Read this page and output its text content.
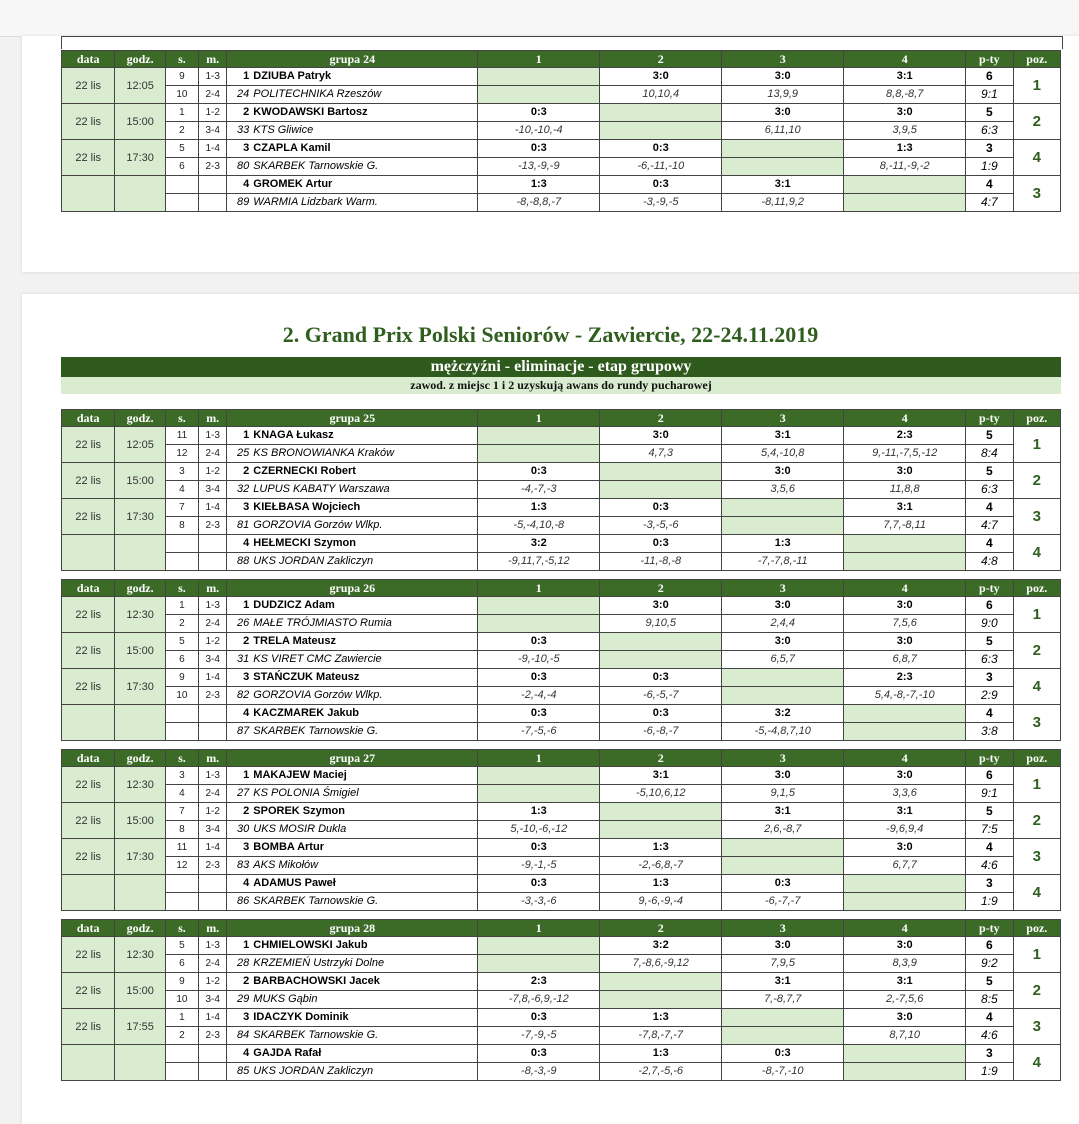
data	godz.	s.	m.	grupa 24	1	2	3	4	p-ty	poz.
22 lis	12:05	9	1-3	1 DZIUBA Patryk		3:0	3:0	3:1	6	1
		10	2-4	24 POLITECHNIKA Rzeszów		10,10,4	13,9,9	8,8,-8,7	9:1	
22 lis	15:00	1	1-2	2 KWODAWSKI Bartosz	0:3		3:0	3:0	5	2
		2	3-4	33 KTS Gliwice	-10,-10,-4		6,11,10	3,9,5	6:3	
22 lis	17:30	5	1-4	3 CZAPLA Kamil	0:3	0:3		1:3	3	4
		6	2-3	80 SKARBEK Tarnowskie G.	-13,-9,-9	-6,-11,-10		8,-11,-9,-2	1:9	
				4 GROMEK Artur	1:3	0:3	3:1		4	3
				89 WARMIA Lidzbark Warm.	-8,-8,8,-7	-3,-9,-5	-8,11,9,2		4:7	
2. Grand Prix Polski Seniorów - Zawiercie, 22-24.11.2019
mężczyźni - eliminacje - etap grupowy
zawod. z miejsc 1 i 2 uzyskują awans do rundy pucharowej
data	godz.	s.	m.	grupa 25	1	2	3	4	p-ty	poz.
22 lis	12:05	11	1-3	1 KNAGA Łukasz		3:0	3:1	2:3	5	1
		12	2-4	25 KS BRONOWIANKA Kraków		4,7,3	5,4,-10,8	9,-11,-7,5,-12	8:4	
22 lis	15:00	3	1-2	2 CZERNECKI Robert	0:3		3:0	3:0	5	2
		4	3-4	32 LUPUS KABATY Warszawa	-4,-7,-3		3,5,6	11,8,8	6:3	
22 lis	17:30	7	1-4	3 KIEŁBASA Wojciech	1:3	0:3		3:1	4	3
		8	2-3	81 GORZOVIA Gorzów Wlkp.	-5,-4,10,-8	-3,-5,-6		7,7,-8,11	4:7	
				4 HEŁMECKI Szymon	3:2	0:3	1:3		4	4
				88 UKS JORDAN Zakliczyn	-9,11,7,-5,12	-11,-8,-8	-7,-7,8,-11		4:8	
data	godz.	s.	m.	grupa 26	1	2	3	4	p-ty	poz.
22 lis	12:30	1	1-3	1 DUDZICZ Adam		3:0	3:0	3:0	6	1
		2	2-4	26 MAŁE TRÓJMIASTO Rumia		9,10,5	2,4,4	7,5,6	9:0	
22 lis	15:00	5	1-2	2 TRELA Mateusz	0:3		3:0	3:0	5	2
		6	3-4	31 KS VIRET CMC Zawiercie	-9,-10,-5		6,5,7	6,8,7	6:3	
22 lis	17:30	9	1-4	3 STAŃCZUK Mateusz	0:3	0:3		2:3	3	4
		10	2-3	82 GORZOVIA Gorzów Wlkp.	-2,-4,-4	-6,-5,-7		5,4,-8,-7,-10	2:9	
				4 KACZMAREK Jakub	0:3	0:3	3:2		4	3
				87 SKARBEK Tarnowskie G.	-7,-5,-6	-6,-8,-7	-5,-4,8,7,10		3:8	
data	godz.	s.	m.	grupa 27	1	2	3	4	p-ty	poz.
22 lis	12:30	3	1-3	1 MAKAJEW Maciej		3:1	3:0	3:0	6	1
		4	2-4	27 KS POLONIA Śmigiel		-5,10,6,12	9,1,5	3,3,6	9:1	
22 lis	15:00	7	1-2	2 SPOREK Szymon	1:3		3:1	3:1	5	2
		8	3-4	30 UKS MOSIR Dukla	5,-10,-6,-12		2,6,-8,7	-9,6,9,4	7:5	
22 lis	17:30	11	1-4	3 BOMBA Artur	0:3	1:3		3:0	4	3
		12	2-3	83 AKS Mikołów	-9,-1,-5	-2,-6,8,-7		6,7,7	4:6	
				4 ADAMUS Paweł	0:3	1:3	0:3		3	4
				86 SKARBEK Tarnowskie G.	-3,-3,-6	9,-6,-9,-4	-6,-7,-7		1:9	
data	godz.	s.	m.	grupa 28	1	2	3	4	p-ty	poz.
22 lis	12:30	5	1-3	1 CHMIELOWSKI Jakub		3:2	3:0	3:0	6	1
		6	2-4	28 KRZEMIEŃ Ustrzyki Dolne		7,-8,6,-9,12	7,9,5	8,3,9	9:2	
22 lis	15:00	9	1-2	2 BARBACHOWSKI Jacek	2:3		3:1	3:1	5	2
		10	3-4	29 MUKS Gąbin	-7,8,-6,9,-12		7,-8,7,7	2,-7,5,6	8:5	
22 lis	17:55	1	1-4	3 IDACZYK Dominik	0:3	1:3		3:0	4	3
		2	2-3	84 SKARBEK Tarnowskie G.	-7,-9,-5	-7,8,-7,-7		8,7,10	4:6	
				4 GAJDA Rafał	0:3	1:3	0:3		3	4
				85 UKS JORDAN Zakliczyn	-8,-3,-9	-2,7,-5,-6	-8,-7,-10		1:9	
